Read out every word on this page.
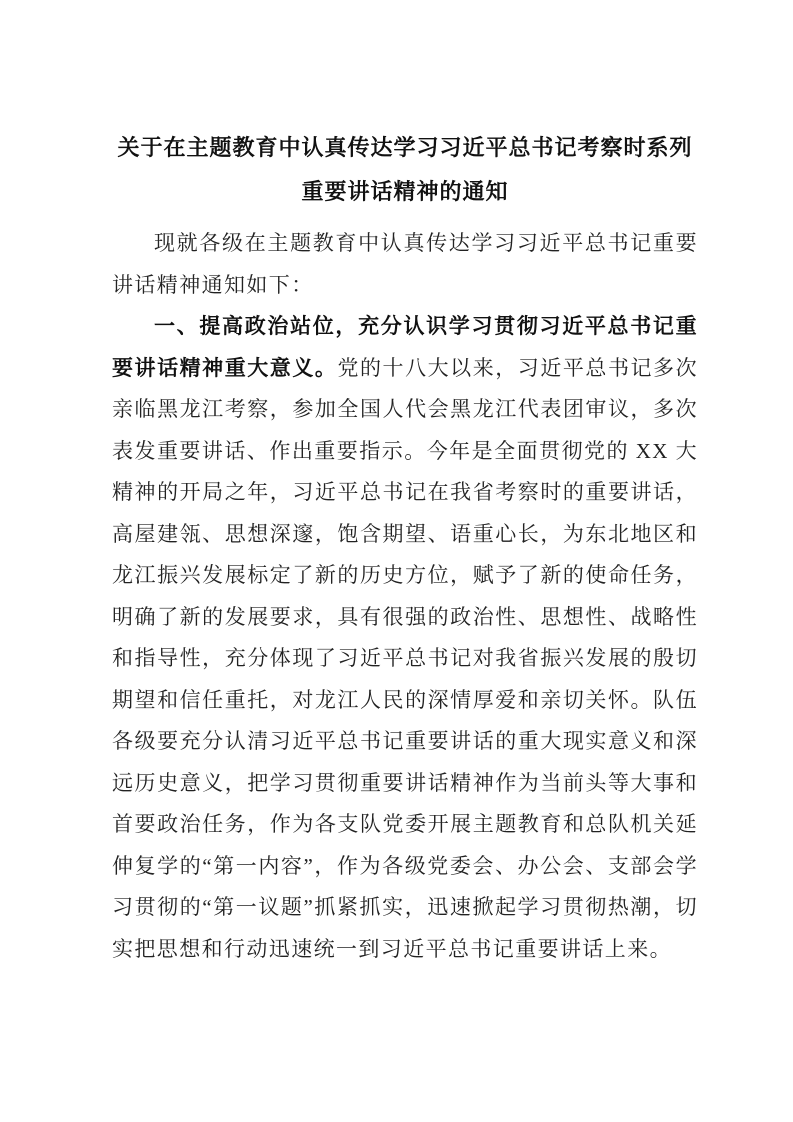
关于在主题教育中认真传达学习习近平总书记考察时系列
重要讲话精神的通知

现就各级在主题教育中认真传达学习习近平总书记重要讲话精神通知如下：

一、提高政治站位，充分认识学习贯彻习近平总书记重要讲话精神重大意义。党的十八大以来，习近平总书记多次亲临黑龙江考察，参加全国人代会黑龙江代表团审议，多次表发重要讲话、作出重要指示。今年是全面贯彻党的 XX 大精神的开局之年，习近平总书记在我省考察时的重要讲话，高屋建瓴、思想深邃，饱含期望、语重心长，为东北地区和龙江振兴发展标定了新的历史方位，赋予了新的使命任务，明确了新的发展要求，具有很强的政治性、思想性、战略性和指导性，充分体现了习近平总书记对我省振兴发展的殷切期望和信任重托，对龙江人民的深情厚爱和亲切关怀。队伍各级要充分认清习近平总书记重要讲话的重大现实意义和深远历史意义，把学习贯彻重要讲话精神作为当前头等大事和首要政治任务，作为各支队党委开展主题教育和总队机关延伸复学的“第一内容”，作为各级党委会、办公会、支部会学习贯彻的“第一议题”抓紧抓实，迅速掀起学习贯彻热潮，切实把思想和行动迅速统一到习近平总书记重要讲话上来。
